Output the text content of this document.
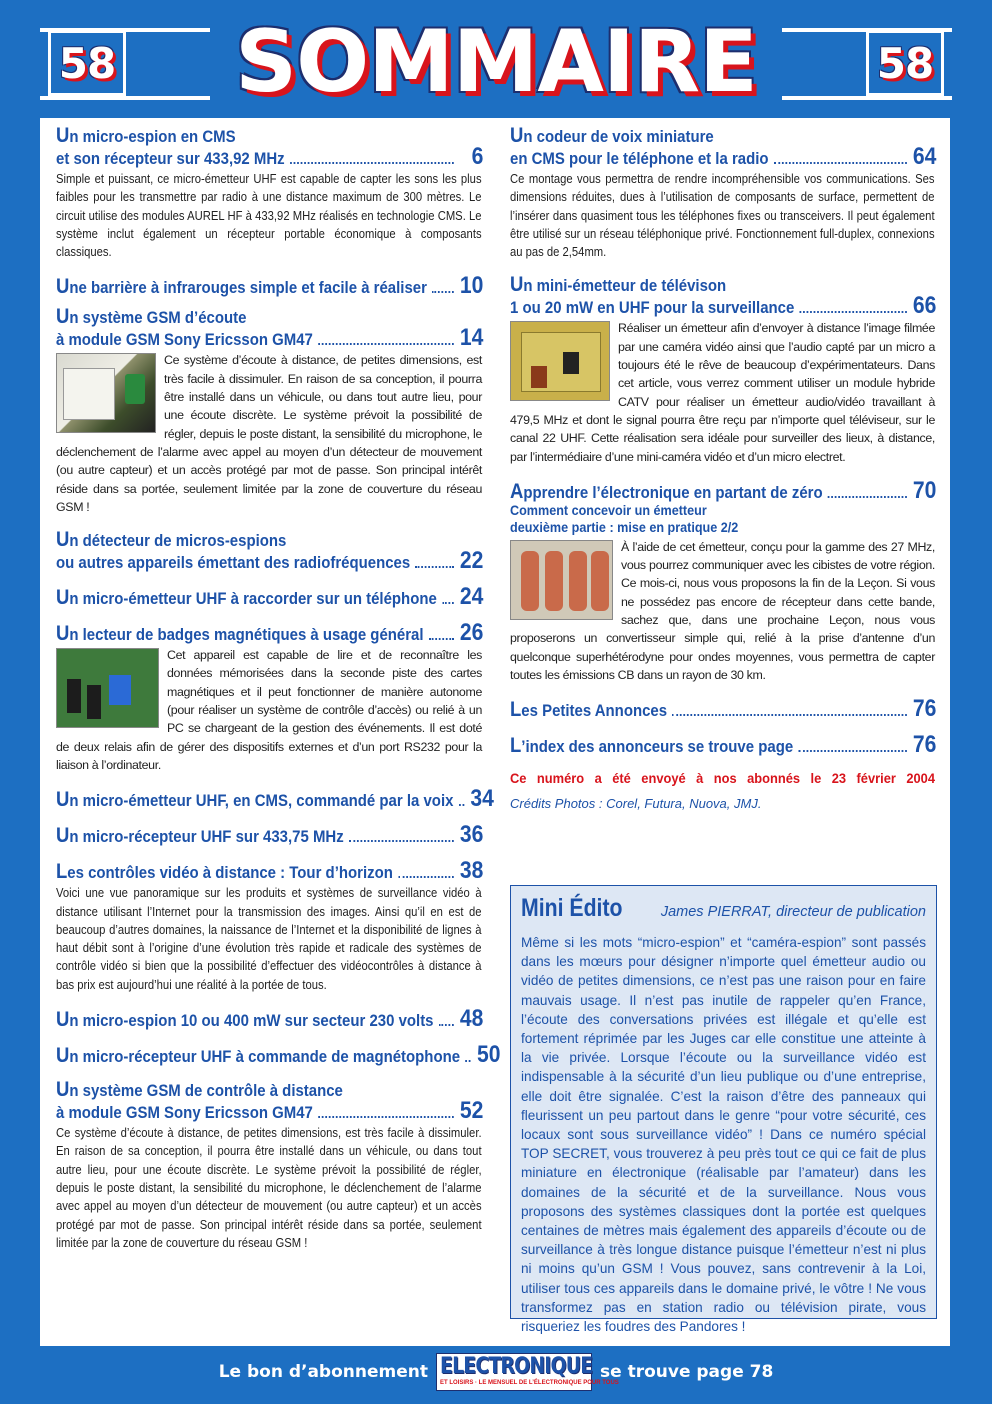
58	58
SOMMAIRE
Un micro-espion en CMS
et son récepteur sur 433,92 MHz	6
Simple et puissant, ce micro-émetteur UHF est capable de capter les sons les plus faibles pour les transmettre par radio à une distance maximum de 300 mètres. Le circuit utilise des modules AUREL HF à 433,92 MHz réalisés en technologie CMS. Le système inclut également un récepteur portable économique à composants classiques.
Une barrière à infrarouges simple et facile à réaliser 10
Un système GSM d’écoute
à module GSM Sony Ericsson GM47	14
Ce système d’écoute à distance, de petites dimensions, est très facile à dissimuler. En raison de sa conception, il pourra être installé dans un véhicule, ou dans tout autre lieu, pour une écoute discrète. Le système prévoit la possibilité de régler, depuis le poste distant, la sensibilité du microphone, le déclenchement de l’alarme avec appel au moyen d’un détecteur de mouvement (ou autre capteur) et un accès protégé par mot de passe. Son principal intérêt réside dans sa portée, seulement limitée par la zone de couverture du réseau GSM !
Un détecteur de micros-espions
ou autres appareils émettant des radiofréquences 22
Un micro-émetteur UHF à raccorder sur un téléphone 24
Un lecteur de badges magnétiques à usage général 26
Cet appareil est capable de lire et de reconnaître les données mémorisées dans la seconde piste des cartes magnétiques et il peut fonctionner de manière autonome (pour réaliser un système de contrôle d’accès) ou relié à un PC se chargeant de la gestion des événements. Il est doté de deux relais afin de gérer des dispositifs externes et d’un port RS232 pour la liaison à l’ordinateur.
Un micro-émetteur UHF, en CMS, commandé par la voix 34
Un micro-récepteur UHF sur 433,75 MHz	36
Les contrôles vidéo à distance : Tour d’horizon	38
Voici une vue panoramique sur les produits et systèmes de surveillance vidéo à distance utilisant l’Internet pour la transmission des images. Ainsi qu’il en est de beaucoup d’autres domaines, la naissance de l’Internet et la disponibilité de lignes à haut débit sont à l’origine d’une évolution très rapide et radicale des systèmes de contrôle vidéo si bien que la possibilité d’effectuer des vidéocontrôles à distance à bas prix est aujourd’hui une réalité à la portée de tous.
Un micro-espion 10 ou 400 mW sur secteur 230 volts 48
Un micro-récepteur UHF à commande de magnétophone 50
Un système GSM de contrôle à distance
à module GSM Sony Ericsson GM47	52
Ce système d’écoute à distance, de petites dimensions, est très facile à dissimuler. En raison de sa conception, il pourra être installé dans un véhicule, ou dans tout autre lieu, pour une écoute discrète. Le système prévoit la possibilité de régler, depuis le poste distant, la sensibilité du microphone, le déclenchement de l’alarme avec appel au moyen d’un détecteur de mouvement (ou autre capteur) et un accès protégé par mot de passe. Son principal intérêt réside dans sa portée, seulement limitée par la zone de couverture du réseau GSM !
Un codeur de voix miniature
en CMS pour le téléphone et la radio	64
Ce montage vous permettra de rendre incompréhensible vos communications. Ses dimensions réduites, dues à l’utilisation de composants de surface, permettent de l’insérer dans quasiment tous les téléphones fixes ou transceivers. Il peut également être utilisé sur un réseau téléphonique privé. Fonctionnement full-duplex, connexions au pas de 2,54mm.
Un mini-émetteur de télévison
1 ou 20 mW en UHF pour la surveillance	66
Réaliser un émetteur afin d’envoyer à distance l’image filmée par une caméra vidéo ainsi que l’audio capté par un micro a toujours été le rêve de beaucoup d’expérimentateurs. Dans cet article, vous verrez comment utiliser un module hybride CATV pour réaliser un émetteur audio/vidéo travaillant à 479,5 MHz et dont le signal pourra être reçu par n’importe quel téléviseur, sur le canal 22 UHF. Cette réalisation sera idéale pour surveiller des lieux, à distance, par l’intermédiaire d’une mini-caméra vidéo et d’un micro electret.
Apprendre l’électronique en partant de zéro	70
Comment concevoir un émetteur
deuxième partie : mise en pratique 2/2
À l’aide de cet émetteur, conçu pour la gamme des 27 MHz, vous pourrez communiquer avec les cibistes de votre région. Ce mois-ci, nous vous proposons la fin de la Leçon. Si vous ne possédez pas encore de récepteur dans cette bande, sachez que, dans une prochaine Leçon, nous vous proposerons un convertisseur simple qui, relié à la prise d’antenne d’un quelconque superhétérodyne pour ondes moyennes, vous permettra de capter toutes les émissions CB dans un rayon de 30 km.
Les Petites Annonces	76
L’index des annonceurs se trouve page	76
Ce numéro a été envoyé à nos abonnés le 23 février 2004
Crédits Photos : Corel, Futura, Nuova, JMJ.
Mini Édito	James PIERRAT, directeur de publication
Même si les mots “micro-espion” et “caméra-espion” sont passés dans les mœurs pour désigner n’importe quel émetteur audio ou vidéo de petites dimensions, ce n’est pas une raison pour en faire mauvais usage. Il n’est pas inutile de rappeler qu’en France, l’écoute des conversations privées est illégale et qu’elle est fortement réprimée par les Juges car elle constitue une atteinte à la vie privée. Lorsque l’écoute ou la surveillance vidéo est indispensable à la sécurité d’un lieu publique ou d’une entreprise, elle doit être signalée. C’est la raison d’être des panneaux qui fleurissent un peu partout dans le genre “pour votre sécurité, ces locaux sont sous surveillance vidéo” ! Dans ce numéro spécial TOP SECRET, vous trouverez à peu près tout ce qui ce fait de plus miniature en électronique (réalisable par l’amateur) dans les domaines de la sécurité et de la surveillance. Nous vous proposons des systèmes classiques dont la portée est quelques centaines de mètres mais également des appareils d’écoute ou de surveillance à très longue distance puisque l’émetteur n’est ni plus ni moins qu’un GSM ! Vous pouvez, sans contrevenir à la Loi, utiliser tous ces appareils dans le domaine privé, le vôtre ! Ne vous transformez pas en station radio ou télévision pirate, vous risqueriez les foudres des Pandores !
Le bon d’abonnement ELECTRONIQUE
ET LOISIRS · LE MENSUEL DE L’ÉLECTRONIQUE POUR TOUS
se trouve page 78
